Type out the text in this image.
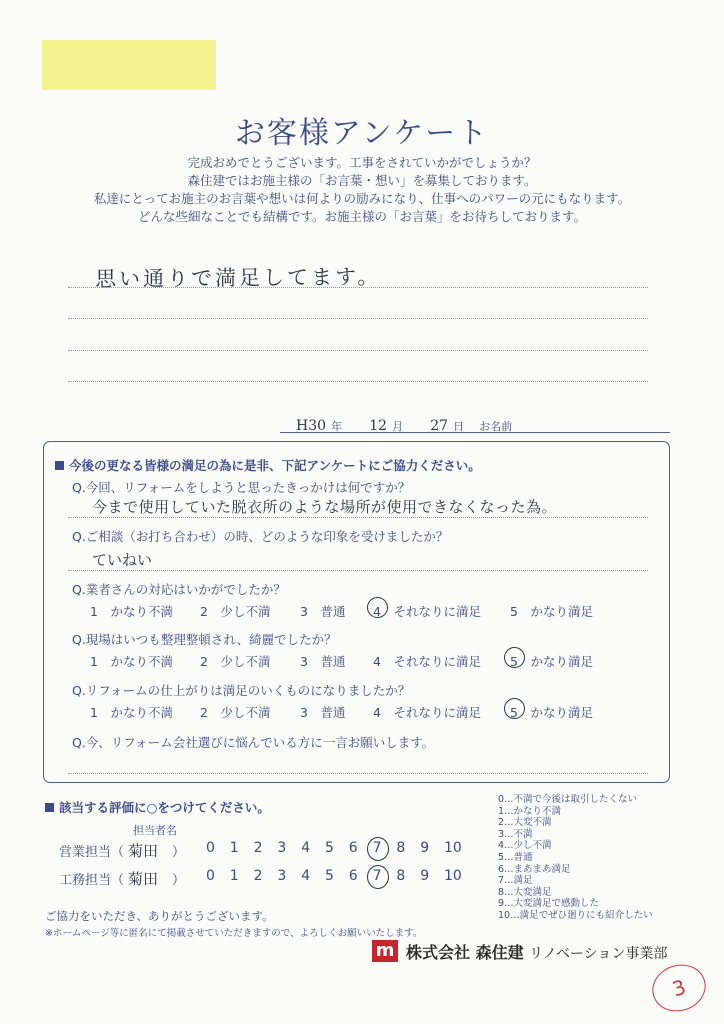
お客様アンケート
完成おめでとうございます。工事をされていかがでしょうか？
森住建ではお施主様の「お言葉・想い」を募集しております。
私達にとってお施主のお言葉や想いは何よりの励みになり、仕事へのパワーの元にもなります。
どんな些細なことでも結構です。お施主様の「お言葉」をお待ちしております。
思い通りで満足してます。
H30 年 12 月 27 日 お名前
今後の更なる皆様の満足の為に是非、下記アンケートにご協力ください。
Q.今回、リフォームをしようと思ったきっかけは何ですか？
今まで使用していた脱衣所のような場所が使用できなくなった為。
Q.ご相談（お打ち合わせ）の時、どのような印象を受けましたか？
ていねい
Q.業者さんの対応はいかがでしたか？
1　かなり不満 2　少し不満 3　普通 4　それなりに満足 5　かなり満足
Q.現場はいつも整理整頓され、綺麗でしたか？
1　かなり不満 2　少し不満 3　普通 4　それなりに満足 5　かなり満足
Q.リフォームの仕上がりは満足のいくものになりましたか？
1　かなり不満 2　少し不満 3　普通 4　それなりに満足 5　かなり満足
Q.今、リフォーム会社選びに悩んでいる方に一言お願いします。
該当する評価に○をつけてください。
担当者名
営業担当（ 菊田 ）
工務担当（ 菊田 ）
0 1 2 3 4 5 6 7 8 9 10
0 1 2 3 4 5 6 7 8 9 10
0…不満で今後は取引したくない
1…かなり不満
2…大変不満
3…不満
4…少し不満
5…普通
6…まあまあ満足
7…満足
8…大変満足
9…大変満足で感動した
10…満足でぜひ廻りにも紹介したい
ご協力をいただき、ありがとうございます。
※ホームページ等に匿名にて掲載させていただきますので、よろしくお願いいたします。
m 株式会社 森住建 リノベーション事業部
3
